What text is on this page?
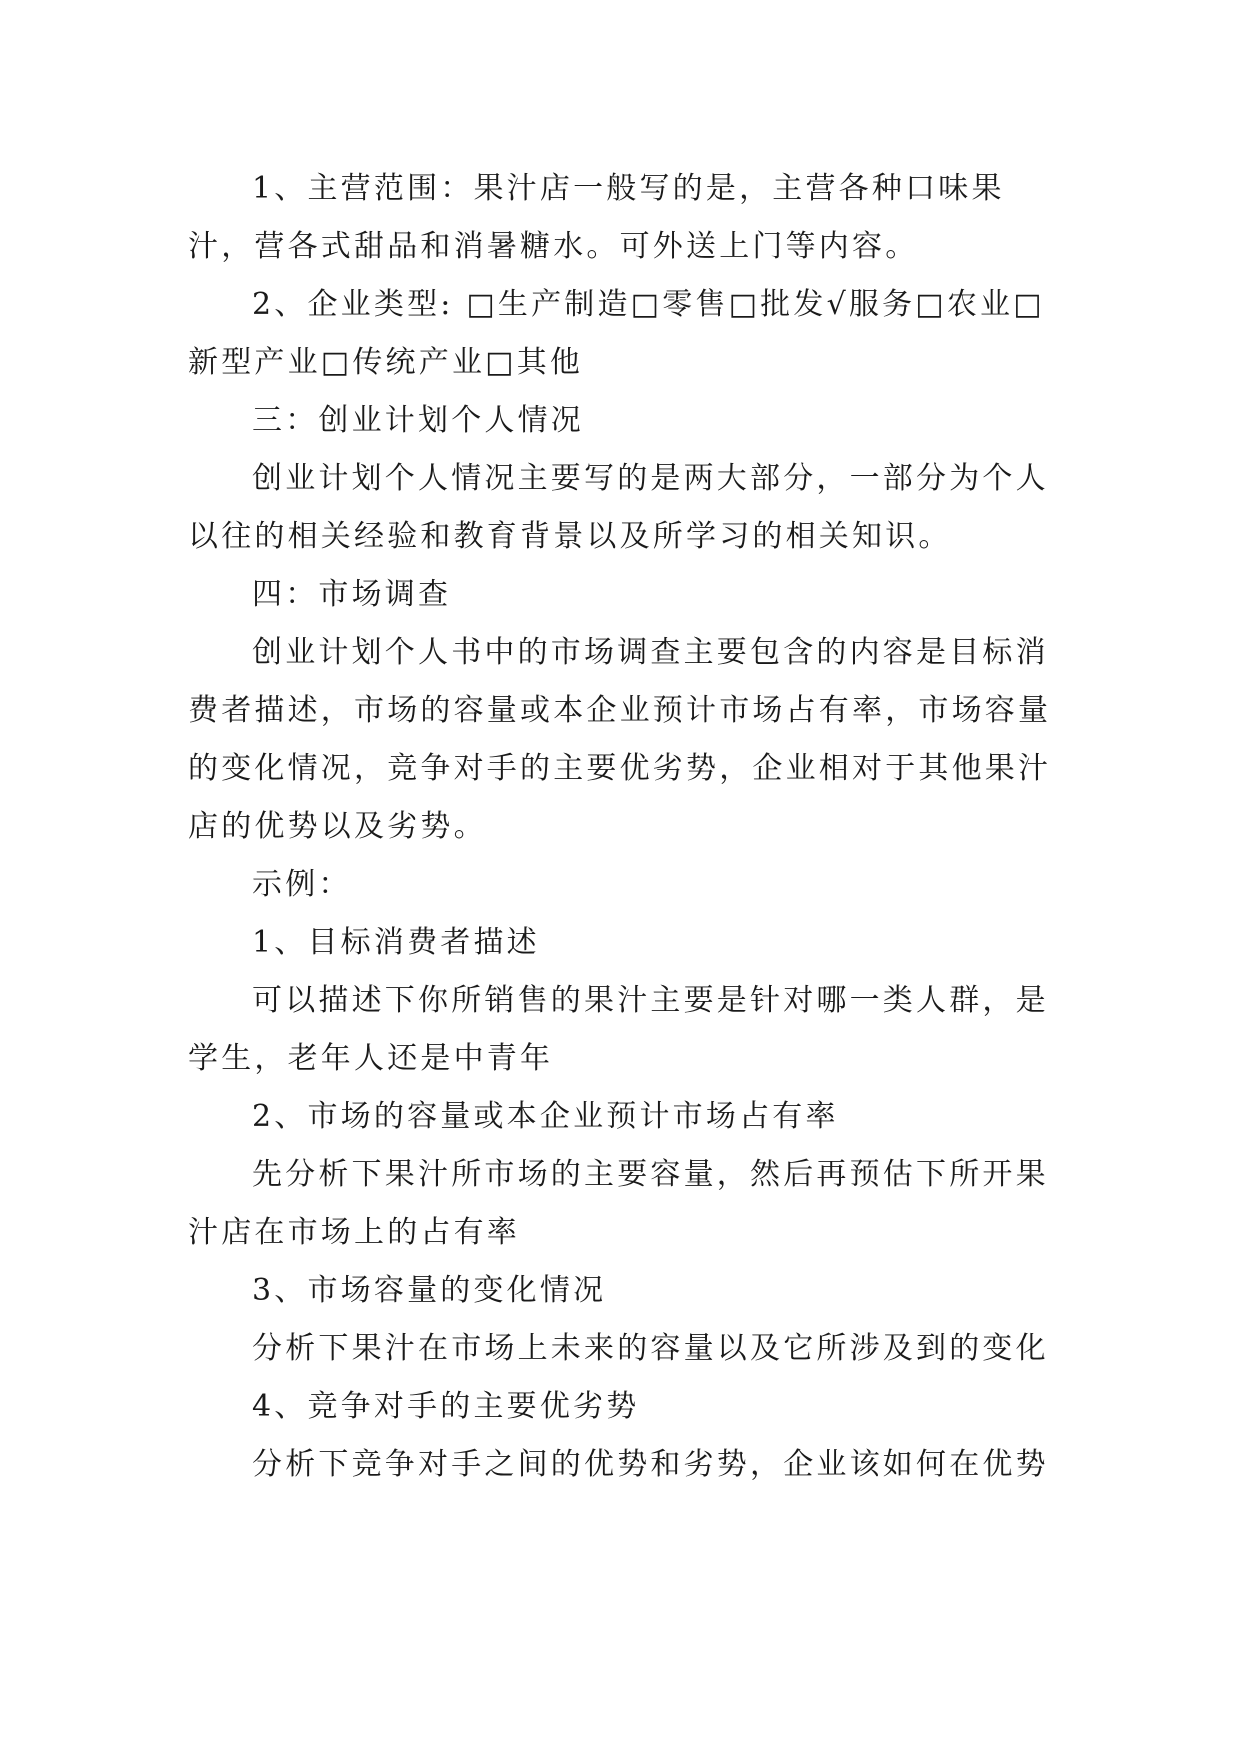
1、主营范围：果汁店一般写的是，主营各种口味果汁，营各式甜品和消暑糖水。可外送上门等内容。

2、企业类型: □生产制造□零售□批发√服务□农业□新型产业□传统产业□其他

三：创业计划个人情况

创业计划个人情况主要写的是两大部分，一部分为个人以往的相关经验和教育背景以及所学习的相关知识。

四：市场调查

创业计划个人书中的市场调查主要包含的内容是目标消费者描述，市场的容量或本企业预计市场占有率，市场容量的变化情况，竞争对手的主要优劣势，企业相对于其他果汁店的优势以及劣势。

示例：

1、目标消费者描述

可以描述下你所销售的果汁主要是针对哪一类人群，是学生，老年人还是中青年

2、市场的容量或本企业预计市场占有率

先分析下果汁所市场的主要容量，然后再预估下所开果汁店在市场上的占有率

3、市场容量的变化情况

分析下果汁在市场上未来的容量以及它所涉及到的变化

4、竞争对手的主要优劣势

分析下竞争对手之间的优势和劣势，企业该如何在优势
